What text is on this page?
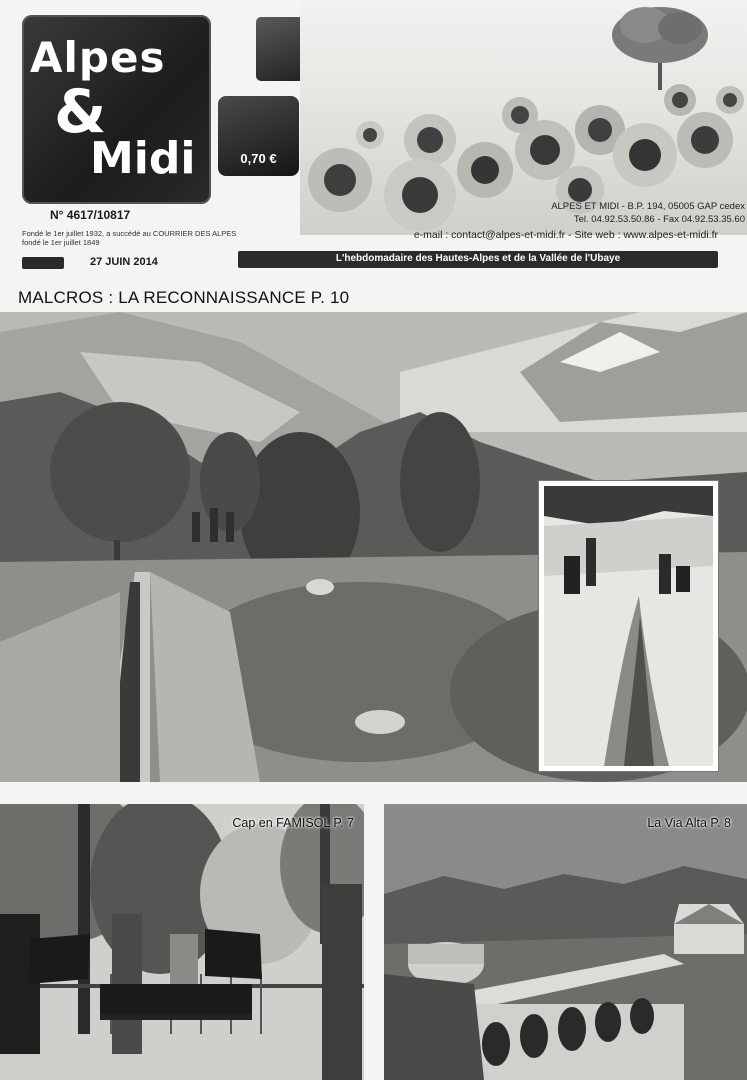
Alpes
&
Midi	0,70 €
N° 4617/10817
Fondé le 1er juillet 1932, a succédé au COURRIER DES ALPES
fondé le 1er juillet 1849
27 JUIN 2014
ALPES ET MIDI - B.P. 194, 05005 GAP cedex
Tel. 04.92.53.50.86 - Fax 04.92.53.35.60
e-mail : contact@alpes-et-midi.fr - Site web : www.alpes-et-midi.fr
L'hebdomadaire des Hautes-Alpes et de la Vallée de l'Ubaye
MALCROS : LA RECONNAISSANCE P. 10
Cap en FAMISOL P. 7	La Via Alta P. 8
